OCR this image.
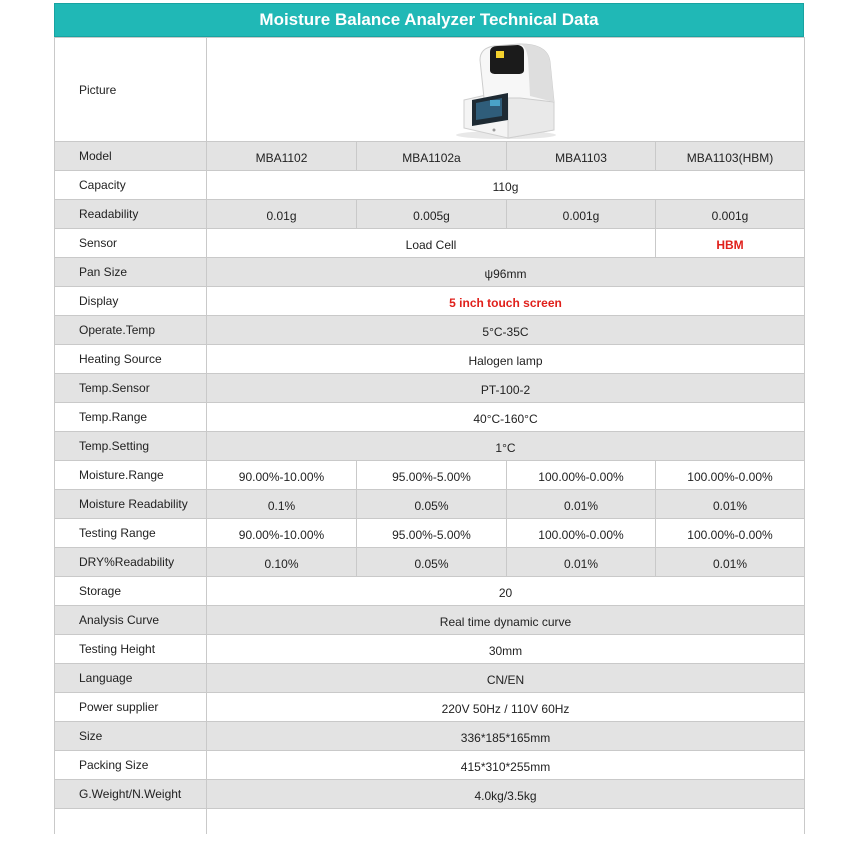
Moisture Balance Analyzer Technical Data
Picture	

Model	MBA1102	MBA1102a	MBA1103	MBA1103(HBM)
Capacity	110g			
Readability	0.01g	0.005g	0.001g	0.001g
Sensor	Load Cell			HBM
Pan Size	ψ96mm			
Display	5 inch touch screen			
Operate.Temp	5°C-35C			
Heating Source	Halogen lamp			
Temp.Sensor	PT-100-2			
Temp.Range	40°C-160°C			
Temp.Setting	1°C			
Moisture.Range	90.00%-10.00%	95.00%-5.00%	100.00%-0.00%	100.00%-0.00%
Moisture Readability	0.1%	0.05%	0.01%	0.01%
Testing Range	90.00%-10.00%	95.00%-5.00%	100.00%-0.00%	100.00%-0.00%
DRY%Readability	0.10%	0.05%	0.01%	0.01%
Storage	20			
Analysis Curve	Real time dynamic curve			
Testing Height	30mm			
Language	CN/EN			
Power supplier	220V 50Hz / 110V 60Hz			
Size	336*185*165mm			
Packing Size	415*310*255mm			
G.Weight/N.Weight	4.0kg/3.5kg			
